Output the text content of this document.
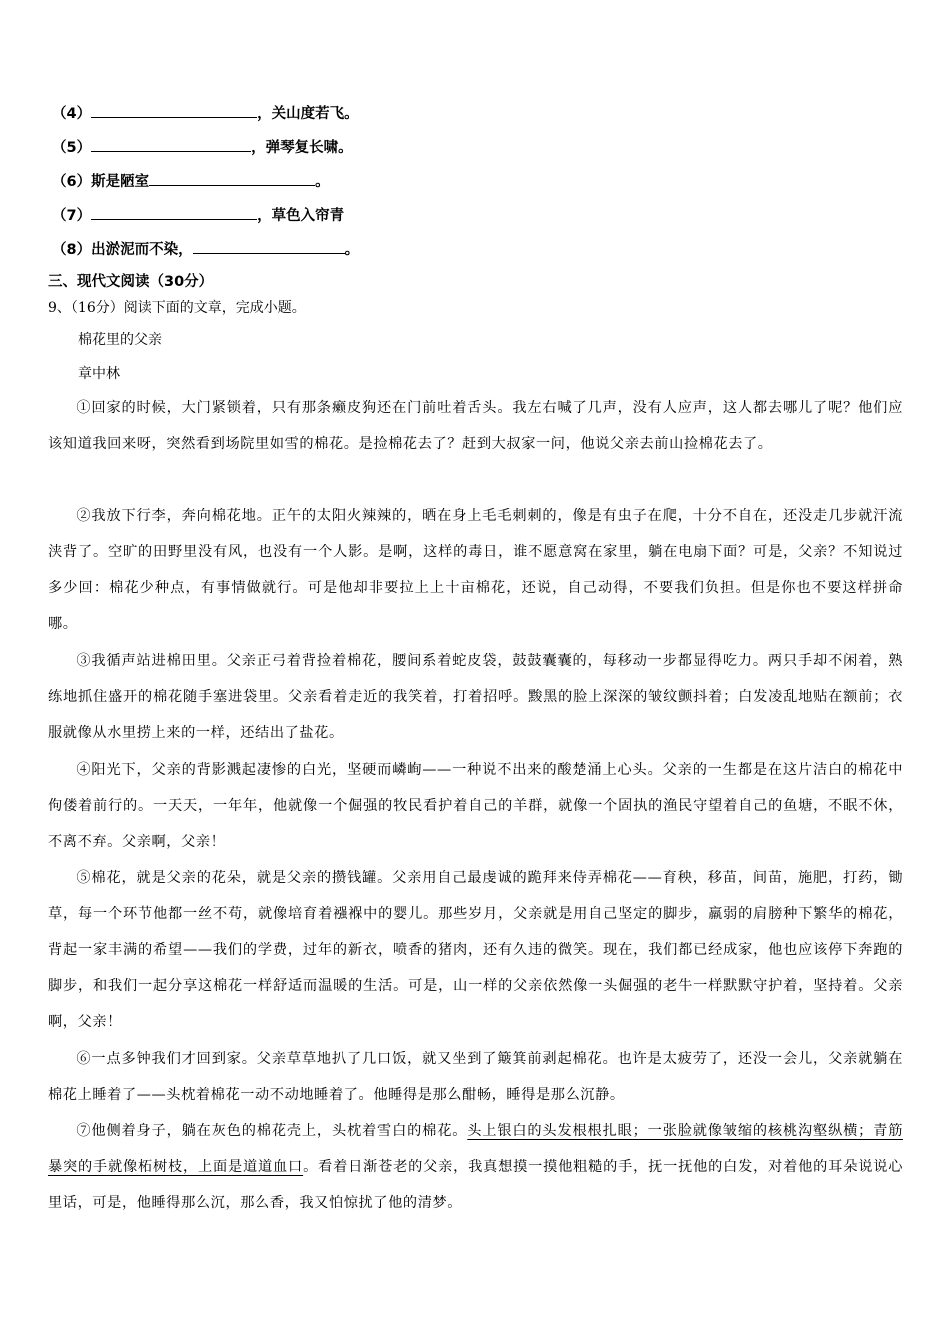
（4）	，关山度若飞。
（5）	，弹琴复长啸。
（6）斯是陋室	。
（7）	，草色入帘青
（8）出淤泥而不染，	。
三、现代文阅读（30分）
9、（16分）阅读下面的文章，完成小题。
棉花里的父亲
章中林

①回家的时候，大门紧锁着，只有那条癞皮狗还在门前吐着舌头。我左右喊了几声，没有人应声，这人都去哪儿了呢？他们应该知道我回来呀，突然看到场院里如雪的棉花。是捡棉花去了？赶到大叔家一问，他说父亲去前山捡棉花去了。

②我放下行李，奔向棉花地。正午的太阳火辣辣的，晒在身上毛毛刺刺的，像是有虫子在爬，十分不自在，还没走几步就汗流浃背了。空旷的田野里没有风，也没有一个人影。是啊，这样的毒日，谁不愿意窝在家里，躺在电扇下面？可是，父亲？不知说过多少回：棉花少种点，有事情做就行。可是他却非要拉上上十亩棉花，还说，自己动得，不要我们负担。但是你也不要这样拼命哪。

③我循声站进棉田里。父亲正弓着背捡着棉花，腰间系着蛇皮袋，鼓鼓囊囊的，每移动一步都显得吃力。两只手却不闲着，熟练地抓住盛开的棉花随手塞进袋里。父亲看着走近的我笑着，打着招呼。黢黑的脸上深深的皱纹颤抖着；白发凌乱地贴在额前；衣服就像从水里捞上来的一样，还结出了盐花。

④阳光下，父亲的背影溅起凄惨的白光，坚硬而嶙峋——一种说不出来的酸楚涌上心头。父亲的一生都是在这片洁白的棉花中佝偻着前行的。一天天，一年年，他就像一个倔强的牧民看护着自己的羊群，就像一个固执的渔民守望着自己的鱼塘，不眠不休，不离不弃。父亲啊，父亲！

⑤棉花，就是父亲的花朵，就是父亲的攒钱罐。父亲用自己最虔诚的跪拜来侍弄棉花——育秧，移苗，间苗，施肥，打药，锄草，每一个环节他都一丝不苟，就像培育着襁褓中的婴儿。那些岁月，父亲就是用自己坚定的脚步，羸弱的肩膀种下繁华的棉花，背起一家丰满的希望——我们的学费，过年的新衣，喷香的猪肉，还有久违的微笑。现在，我们都已经成家，他也应该停下奔跑的脚步，和我们一起分享这棉花一样舒适而温暖的生活。可是，山一样的父亲依然像一头倔强的老牛一样默默守护着，坚持着。父亲啊，父亲！

⑥一点多钟我们才回到家。父亲草草地扒了几口饭，就又坐到了簸箕前剥起棉花。也许是太疲劳了，还没一会儿，父亲就躺在棉花上睡着了——头枕着棉花一动不动地睡着了。他睡得是那么酣畅，睡得是那么沉静。

⑦他侧着身子，躺在灰色的棉花壳上，头枕着雪白的棉花。头上银白的头发根根扎眼；一张脸就像皱缩的核桃沟壑纵横；青筋暴突的手就像柘树枝，上面是道道血口。看着日渐苍老的父亲，我真想摸一摸他粗糙的手，抚一抚他的白发，对着他的耳朵说说心里话，可是，他睡得那么沉，那么香，我又怕惊扰了他的清梦。
